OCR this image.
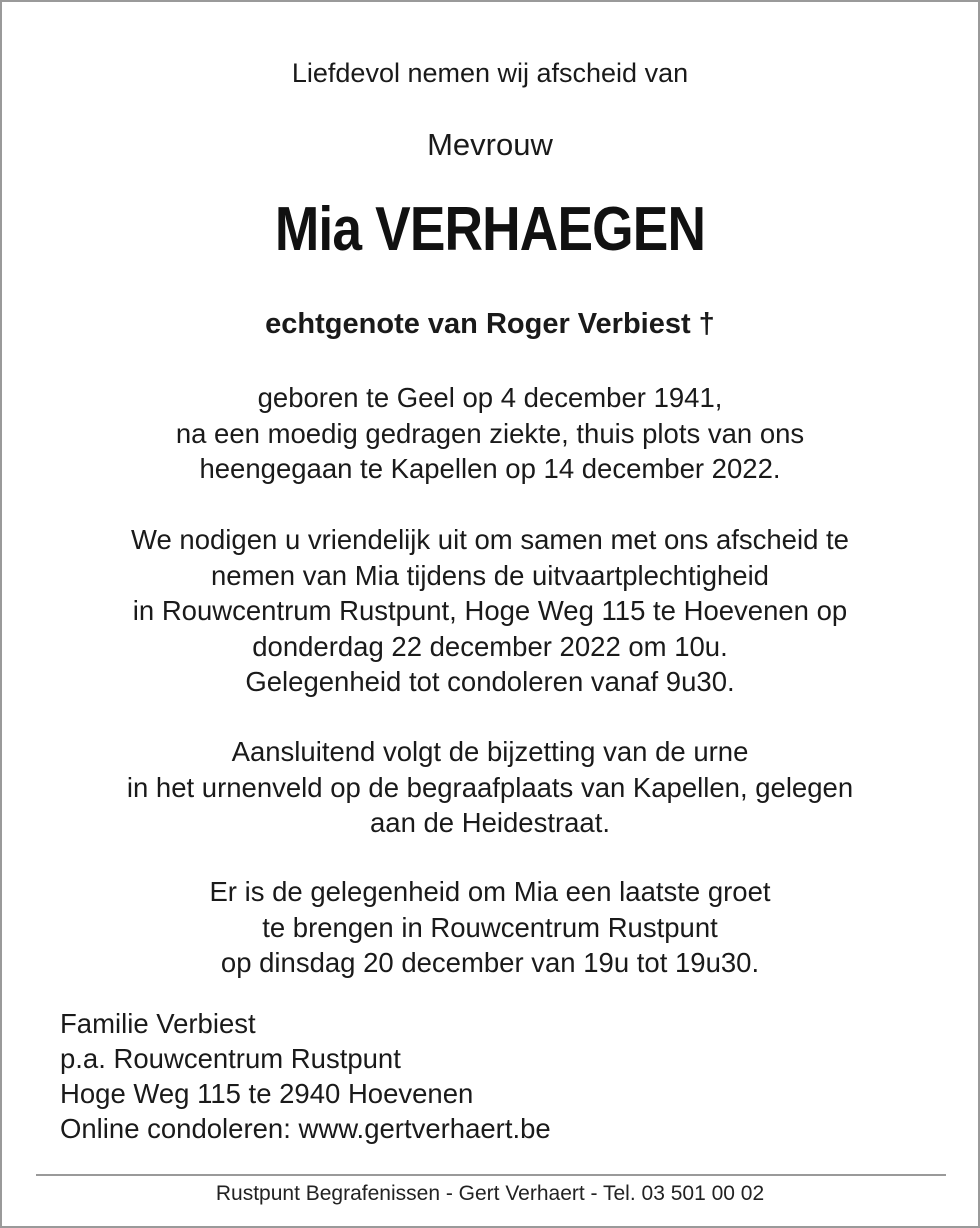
Liefdevol nemen wij afscheid van
Mevrouw
Mia VERHAEGEN
echtgenote van Roger Verbiest †

geboren te Geel op 4 december 1941,

na een moedig gedragen ziekte, thuis plots van ons

heengegaan te Kapellen op 14 december 2022.

We nodigen u vriendelijk uit om samen met ons afscheid te

nemen van Mia tijdens de uitvaartplechtigheid

in Rouwcentrum Rustpunt, Hoge Weg 115 te Hoevenen op

donderdag 22 december 2022 om 10u.

Gelegenheid tot condoleren vanaf 9u30.

Aansluitend volgt de bijzetting van de urne

in het urnenveld op de begraafplaats van Kapellen, gelegen

aan de Heidestraat.

Er is de gelegenheid om Mia een laatste groet

te brengen in Rouwcentrum Rustpunt

op dinsdag 20 december van 19u tot 19u30.

Familie Verbiest

p.a. Rouwcentrum Rustpunt

Hoge Weg 115 te 2940 Hoevenen

Online condoleren: www.gertverhaert.be

Rustpunt Begrafenissen - Gert Verhaert - Tel. 03 501 00 02
